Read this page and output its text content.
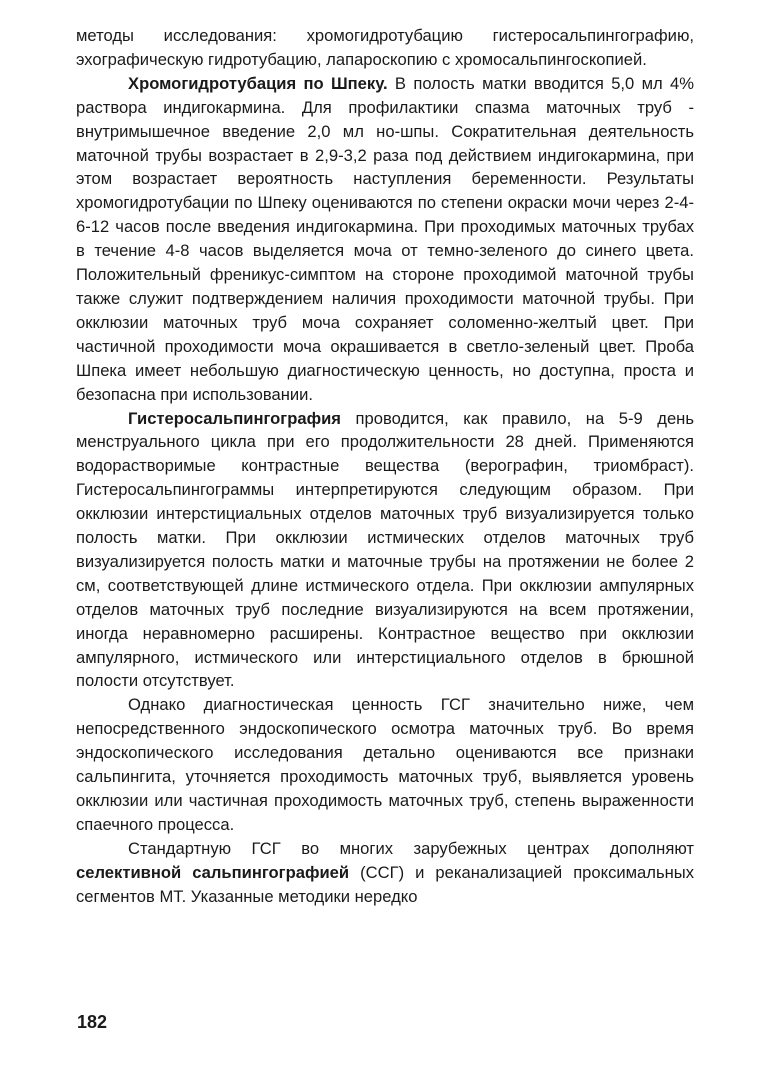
методы исследования: хромогидротубацию гистеросальпингографию, эхографическую гидротубацию, лапароскопию с хромосальпингоскопией.

Хромогидротубация по Шпеку. В полость матки вводится 5,0 мл 4% раствора индигокармина. Для профилактики спазма маточных труб - внутримышечное введение 2,0 мл но-шпы. Сократительная деятельность маточной трубы возрастает в 2,9-3,2 раза под действием индигокармина, при этом возрастает вероятность наступления беременности. Результаты хромогидротубации по Шпеку оцениваются по степени окраски мочи через 2-4-6-12 часов после введения индигокармина. При проходимых маточных трубах в течение 4-8 часов выделяется моча от темно-зеленого до синего цвета. Положительный френикус-симптом на стороне проходимой маточной трубы также служит подтверждением наличия проходимости маточной трубы. При окклюзии маточных труб моча сохраняет соломенно-желтый цвет. При частичной проходимости моча окрашивается в светло-зеленый цвет. Проба Шпека имеет небольшую диагностическую ценность, но доступна, проста и безопасна при использовании.

Гистеросальпингография проводится, как правило, на 5-9 день менструального цикла при его продолжительности 28 дней. Применяются водорастворимые контрастные вещества (верографин, триомбраст). Гистеросальпингограммы интерпретируются следующим образом. При окклюзии интерстициальных отделов маточных труб визуализируется только полость матки. При окклюзии истмических отделов маточных труб визуализируется полость матки и маточные трубы на протяжении не более 2 см, соответствующей длине истмического отдела. При окклюзии ампулярных отделов маточных труб последние визуализируются на всем протяжении, иногда неравномерно расширены. Контрастное вещество при окклюзии ампулярного, истмического или интерстициального отделов в брюшной полости отсутствует.

Однако диагностическая ценность ГСГ значительно ниже, чем непосредственного эндоскопического осмотра маточных труб. Во время эндоскопического исследования детально оцениваются все признаки сальпингита, уточняется проходимость маточных труб, выявляется уровень окклюзии или частичная проходимость маточных труб, степень выраженности спаечного процесса.

Стандартную ГСГ во многих зарубежных центрах дополняют селективной сальпингографией (ССГ) и реканализацией проксимальных сегментов МТ. Указанные методики нередко

182
